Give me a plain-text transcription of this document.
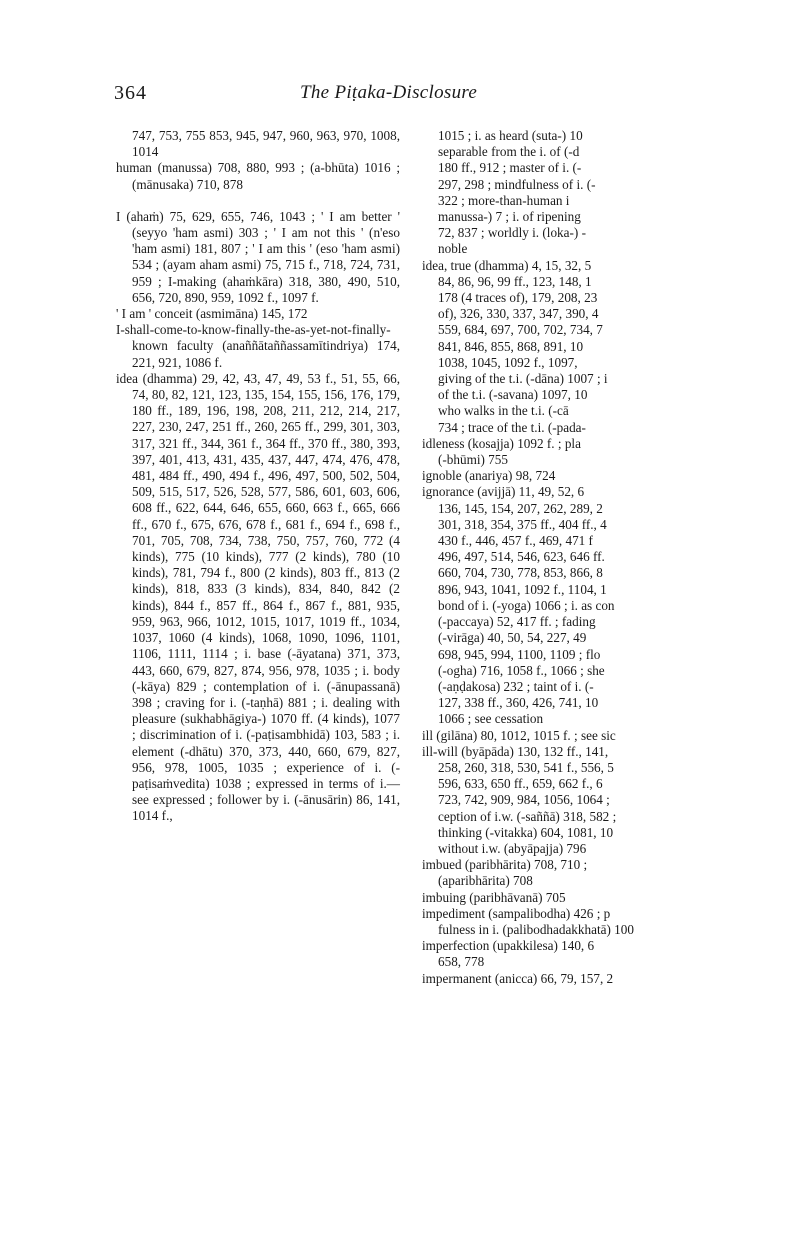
364	The Piṭaka-Disclosure
747, 753, 755 853, 945, 947, 960, 963, 970, 1008, 1014
human (manussa) 708, 880, 993 ; (a-bhūta) 1016 ; (mānusaka) 710, 878
I (ahaṁ) 75, 629, 655, 746, 1043 ; ' I am better ' (seyyo 'ham asmi) 303 ; ' I am not this ' (n'eso 'ham asmi) 181, 807 ; ' I am this ' (eso 'ham asmi) 534 ; (ayam aham asmi) 75, 715 f., 718, 724, 731, 959 ; I-making (ahaṁkāra) 318, 380, 490, 510, 656, 720, 890, 959, 1092 f., 1097 f.
' I am ' conceit (asmimāna) 145, 172
I-shall-come-to-know-finally-the-as-yet-not-finally-known faculty (anaññātaññassamītindriya) 174, 221, 921, 1086 f.
idea (dhamma) 29, 42, 43, 47, 49, 53 f., 51, 55, 66, 74, 80, 82, 121, 123, 135, 154, 155, 156, 176, 179, 180 ff., 189, 196, 198, 208, 211, 212, 214, 217, 227, 230, 247, 251 ff., 260, 265 ff., 299, 301, 303, 317, 321 ff., 344, 361 f., 364 ff., 370 ff., 380, 393, 397, 401, 413, 431, 435, 437, 447, 474, 476, 478, 481, 484 ff., 490, 494 f., 496, 497, 500, 502, 504, 509, 515, 517, 526, 528, 577, 586, 601, 603, 606, 608 ff., 622, 644, 646, 655, 660, 663 f., 665, 666 ff., 670 f., 675, 676, 678 f., 681 f., 694 f., 698 f., 701, 705, 708, 734, 738, 750, 757, 760, 772 (4 kinds), 775 (10 kinds), 777 (2 kinds), 780 (10 kinds), 781, 794 f., 800 (2 kinds), 803 ff., 813 (2 kinds), 818, 833 (3 kinds), 834, 840, 842 (2 kinds), 844 f., 857 ff., 864 f., 867 f., 881, 935, 959, 963, 966, 1012, 1015, 1017, 1019 ff., 1034, 1037, 1060 (4 kinds), 1068, 1090, 1096, 1101, 1106, 1111, 1114 ; i. base (-āyatana) 371, 373, 443, 660, 679, 827, 874, 956, 978, 1035 ; i. body (-kāya) 829 ; contemplation of i. (-ānupassanā) 398 ; craving for i. (-taṇhā) 881 ; i. dealing with pleasure (sukhabhāgiya-) 1070 ff. (4 kinds), 1077 ; discrimination of i. (-paṭisambhidā) 103, 583 ; i. element (-dhātu) 370, 373, 440, 660, 679, 827, 956, 978, 1005, 1035 ; experience of i. (-paṭisaṁvedita) 1038 ; expressed in terms of i.— see expressed ; follower by i. (-ānusārin) 86, 141, 1014 f.,
1015 ; i. as heard (suta-) 10
separable from the i. of (-d
180 ff., 912 ; master of i. (-
297, 298 ; mindfulness of i. (-
322 ; more-than-human i
manussa-) 7 ; i. of ripening
72, 837 ; worldly i. (loka-) -
noble
idea, true (dhamma) 4, 15, 32, 5
84, 86, 96, 99 ff., 123, 148, 1
178 (4 traces of), 179, 208, 23
of), 326, 330, 337, 347, 390, 4
559, 684, 697, 700, 702, 734, 7
841, 846, 855, 868, 891, 10
1038, 1045, 1092 f., 1097,
giving of the t.i. (-dāna) 1007 ; i
of the t.i. (-savana) 1097, 10
who walks in the t.i. (-cā
734 ; trace of the t.i. (-pada-
idleness (kosajja) 1092 f. ; pla
(-bhūmi) 755
ignoble (anariya) 98, 724
ignorance (avijjā) 11, 49, 52, 6
136, 145, 154, 207, 262, 289, 2
301, 318, 354, 375 ff., 404 ff., 4
430 f., 446, 457 f., 469, 471 f
496, 497, 514, 546, 623, 646 ff.
660, 704, 730, 778, 853, 866, 8
896, 943, 1041, 1092 f., 1104, 1
bond of i. (-yoga) 1066 ; i. as con
(-paccaya) 52, 417 ff. ; fading
(-virāga) 40, 50, 54, 227, 49
698, 945, 994, 1100, 1109 ; flo
(-ogha) 716, 1058 f., 1066 ; she
(-aṇḍakosa) 232 ; taint of i. (-
127, 338 ff., 360, 426, 741, 10
1066 ; see cessation
ill (gilāna) 80, 1012, 1015 f. ; see sic
ill-will (byāpāda) 130, 132 ff., 141,
258, 260, 318, 530, 541 f., 556, 5
596, 633, 650 ff., 659, 662 f., 6
723, 742, 909, 984, 1056, 1064 ;
ception of i.w. (-saññā) 318, 582 ;
thinking (-vitakka) 604, 1081, 10
without i.w. (abyāpajja) 796
imbued (paribhārita) 708, 710 ;
(aparibhārita) 708
imbuing (paribhāvanā) 705
impediment (sampalibodha) 426 ; p
fulness in i. (palibodhadakkhatā) 100
imperfection (upakkilesa) 140, 6
658, 778
impermanent (anicca) 66, 79, 157, 2
